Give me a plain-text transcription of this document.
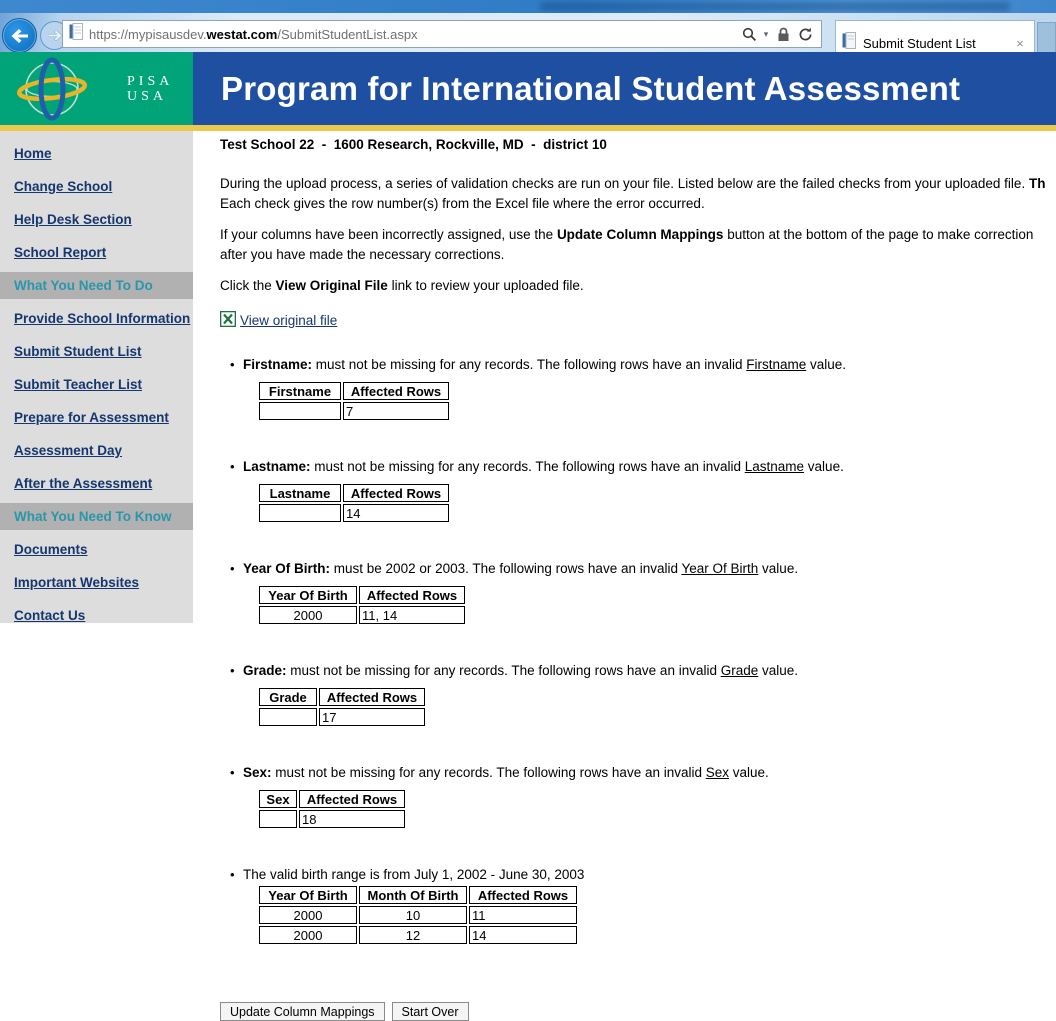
https://mypisausdev.westat.com/SubmitStudentList.aspx	▾
Submit Student List	×
PISA
USA Program for International Student Assessment
Home
Change School
Help Desk Section
School Report
What You Need To Do
Provide School Information
Submit Student List
Submit Teacher List
Prepare for Assessment
Assessment Day
After the Assessment
What You Need To Know
Documents
Important Websites
Contact Us
Test School 22  -  1600 Research, Rockville, MD  -  district 10
During the upload process, a series of validation checks are run on your file. Listed below are the failed checks from your uploaded file. Th
Each check gives the row number(s) from the Excel file where the error occurred.
If your columns have been incorrectly assigned, use the Update Column Mappings button at the bottom of the page to make correction
after you have made the necessary corrections.
Click the View Original File link to review your uploaded file.
View original file
• Firstname: must not be missing for any records. The following rows have an invalid Firstname value.
Firstname	Affected Rows
	7
• Lastname: must not be missing for any records. The following rows have an invalid Lastname value.
Lastname	Affected Rows
	14
• Year Of Birth: must be 2002 or 2003. The following rows have an invalid Year Of Birth value.
Year Of Birth	Affected Rows
2000	11, 14
• Grade: must not be missing for any records. The following rows have an invalid Grade value.
Grade	Affected Rows
	17
• Sex: must not be missing for any records. The following rows have an invalid Sex value.
Sex	Affected Rows
	18
• The valid birth range is from July 1, 2002 - June 30, 2003
Year Of Birth	Month Of Birth	Affected Rows
2000	10	11
2000	12	14
Update Column Mappings	Start Over
